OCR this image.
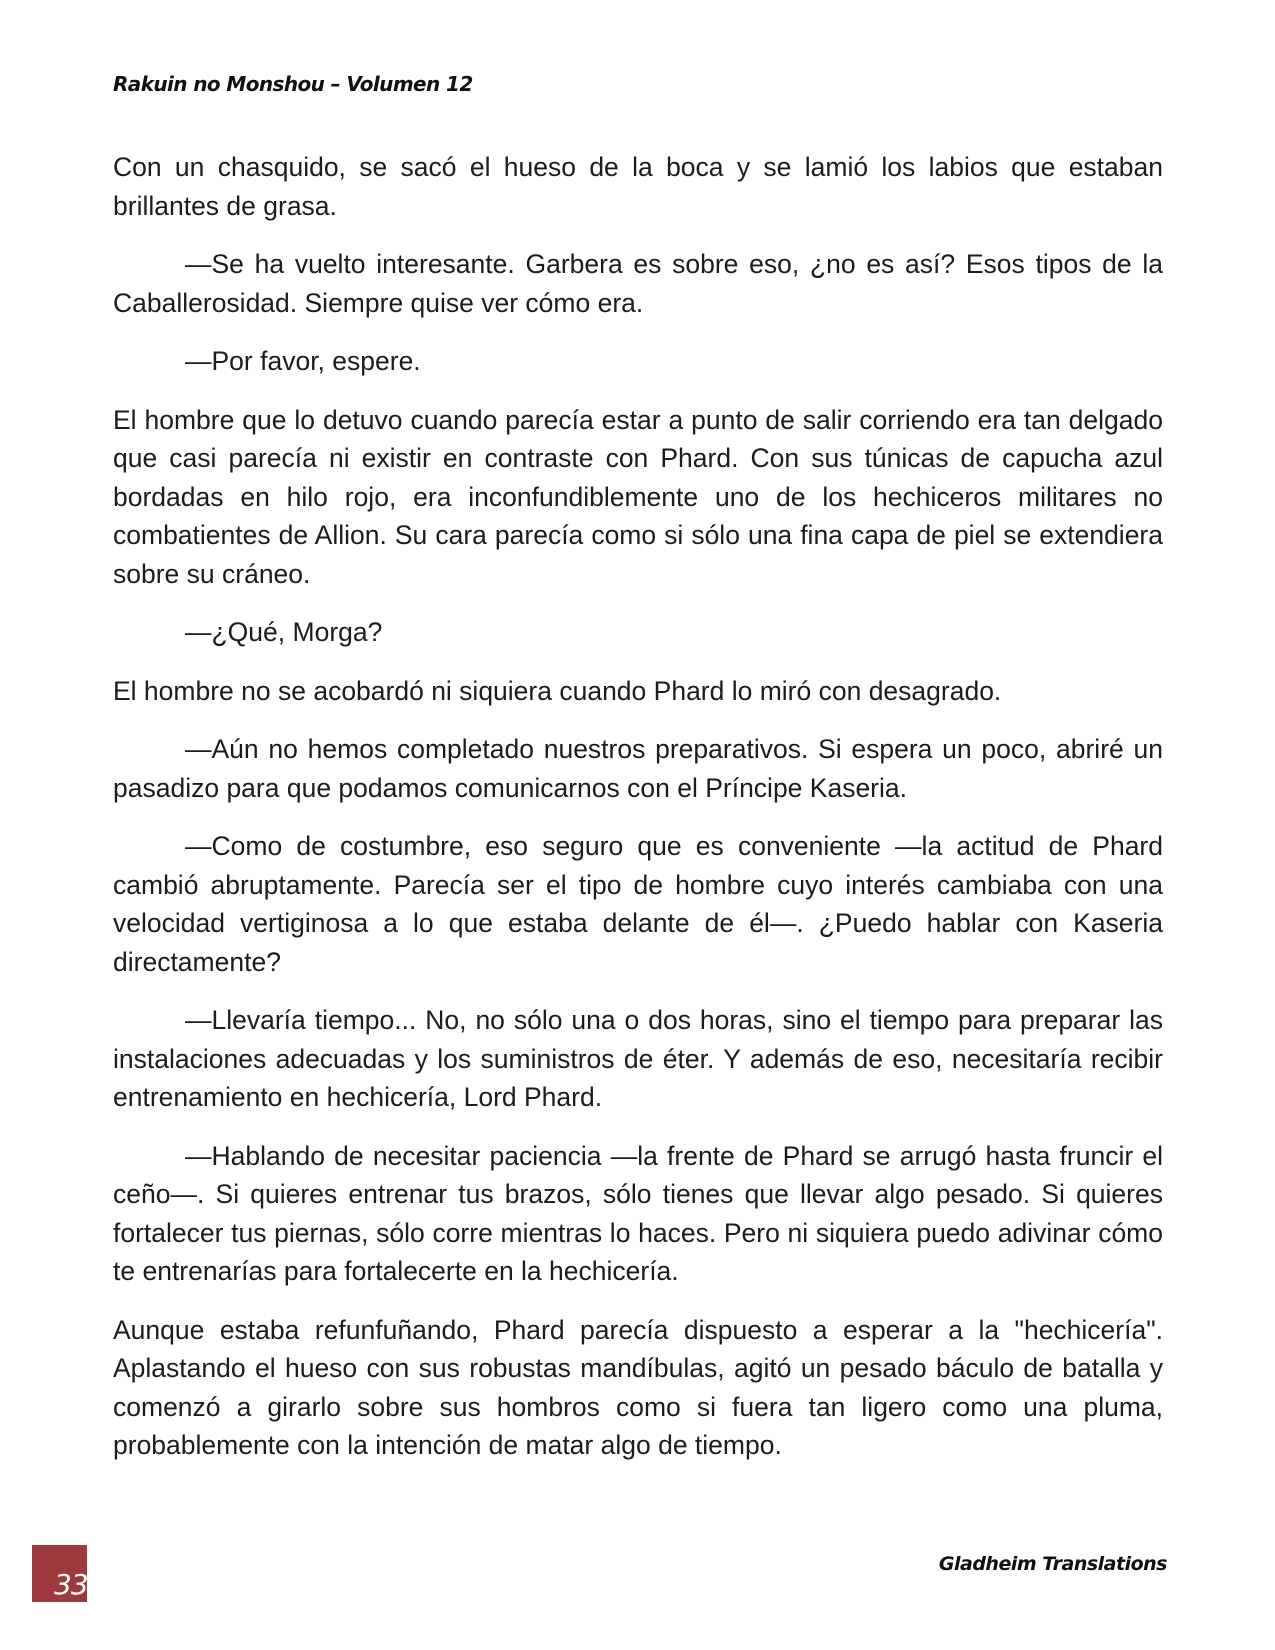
Rakuin no Monshou – Volumen 12

Con un chasquido, se sacó el hueso de la boca y se lamió los labios que estaban brillantes de grasa.

—Se ha vuelto interesante. Garbera es sobre eso, ¿no es así? Esos tipos de la Caballerosidad. Siempre quise ver cómo era.

—Por favor, espere.

El hombre que lo detuvo cuando parecía estar a punto de salir corriendo era tan delgado que casi parecía ni existir en contraste con Phard. Con sus túnicas de capucha azul bordadas en hilo rojo, era inconfundiblemente uno de los hechiceros militares no combatientes de Allion. Su cara parecía como si sólo una fina capa de piel se extendiera sobre su cráneo.

—¿Qué, Morga?

El hombre no se acobardó ni siquiera cuando Phard lo miró con desagrado.

—Aún no hemos completado nuestros preparativos. Si espera un poco, abriré un pasadizo para que podamos comunicarnos con el Príncipe Kaseria.

—Como de costumbre, eso seguro que es conveniente —la actitud de Phard cambió abruptamente. Parecía ser el tipo de hombre cuyo interés cambiaba con una velocidad vertiginosa a lo que estaba delante de él—. ¿Puedo hablar con Kaseria directamente?

—Llevaría tiempo... No, no sólo una o dos horas, sino el tiempo para preparar las instalaciones adecuadas y los suministros de éter. Y además de eso, necesitaría recibir entrenamiento en hechicería, Lord Phard.

—Hablando de necesitar paciencia —la frente de Phard se arrugó hasta fruncir el ceño—. Si quieres entrenar tus brazos, sólo tienes que llevar algo pesado. Si quieres fortalecer tus piernas, sólo corre mientras lo haces. Pero ni siquiera puedo adivinar cómo te entrenarías para fortalecerte en la hechicería.

Aunque estaba refunfuñando, Phard parecía dispuesto a esperar a la "hechicería". Aplastando el hueso con sus robustas mandíbulas, agitó un pesado báculo de batalla y comenzó a girarlo sobre sus hombros como si fuera tan ligero como una pluma, probablemente con la intención de matar algo de tiempo.

33
Gladheim Translations
